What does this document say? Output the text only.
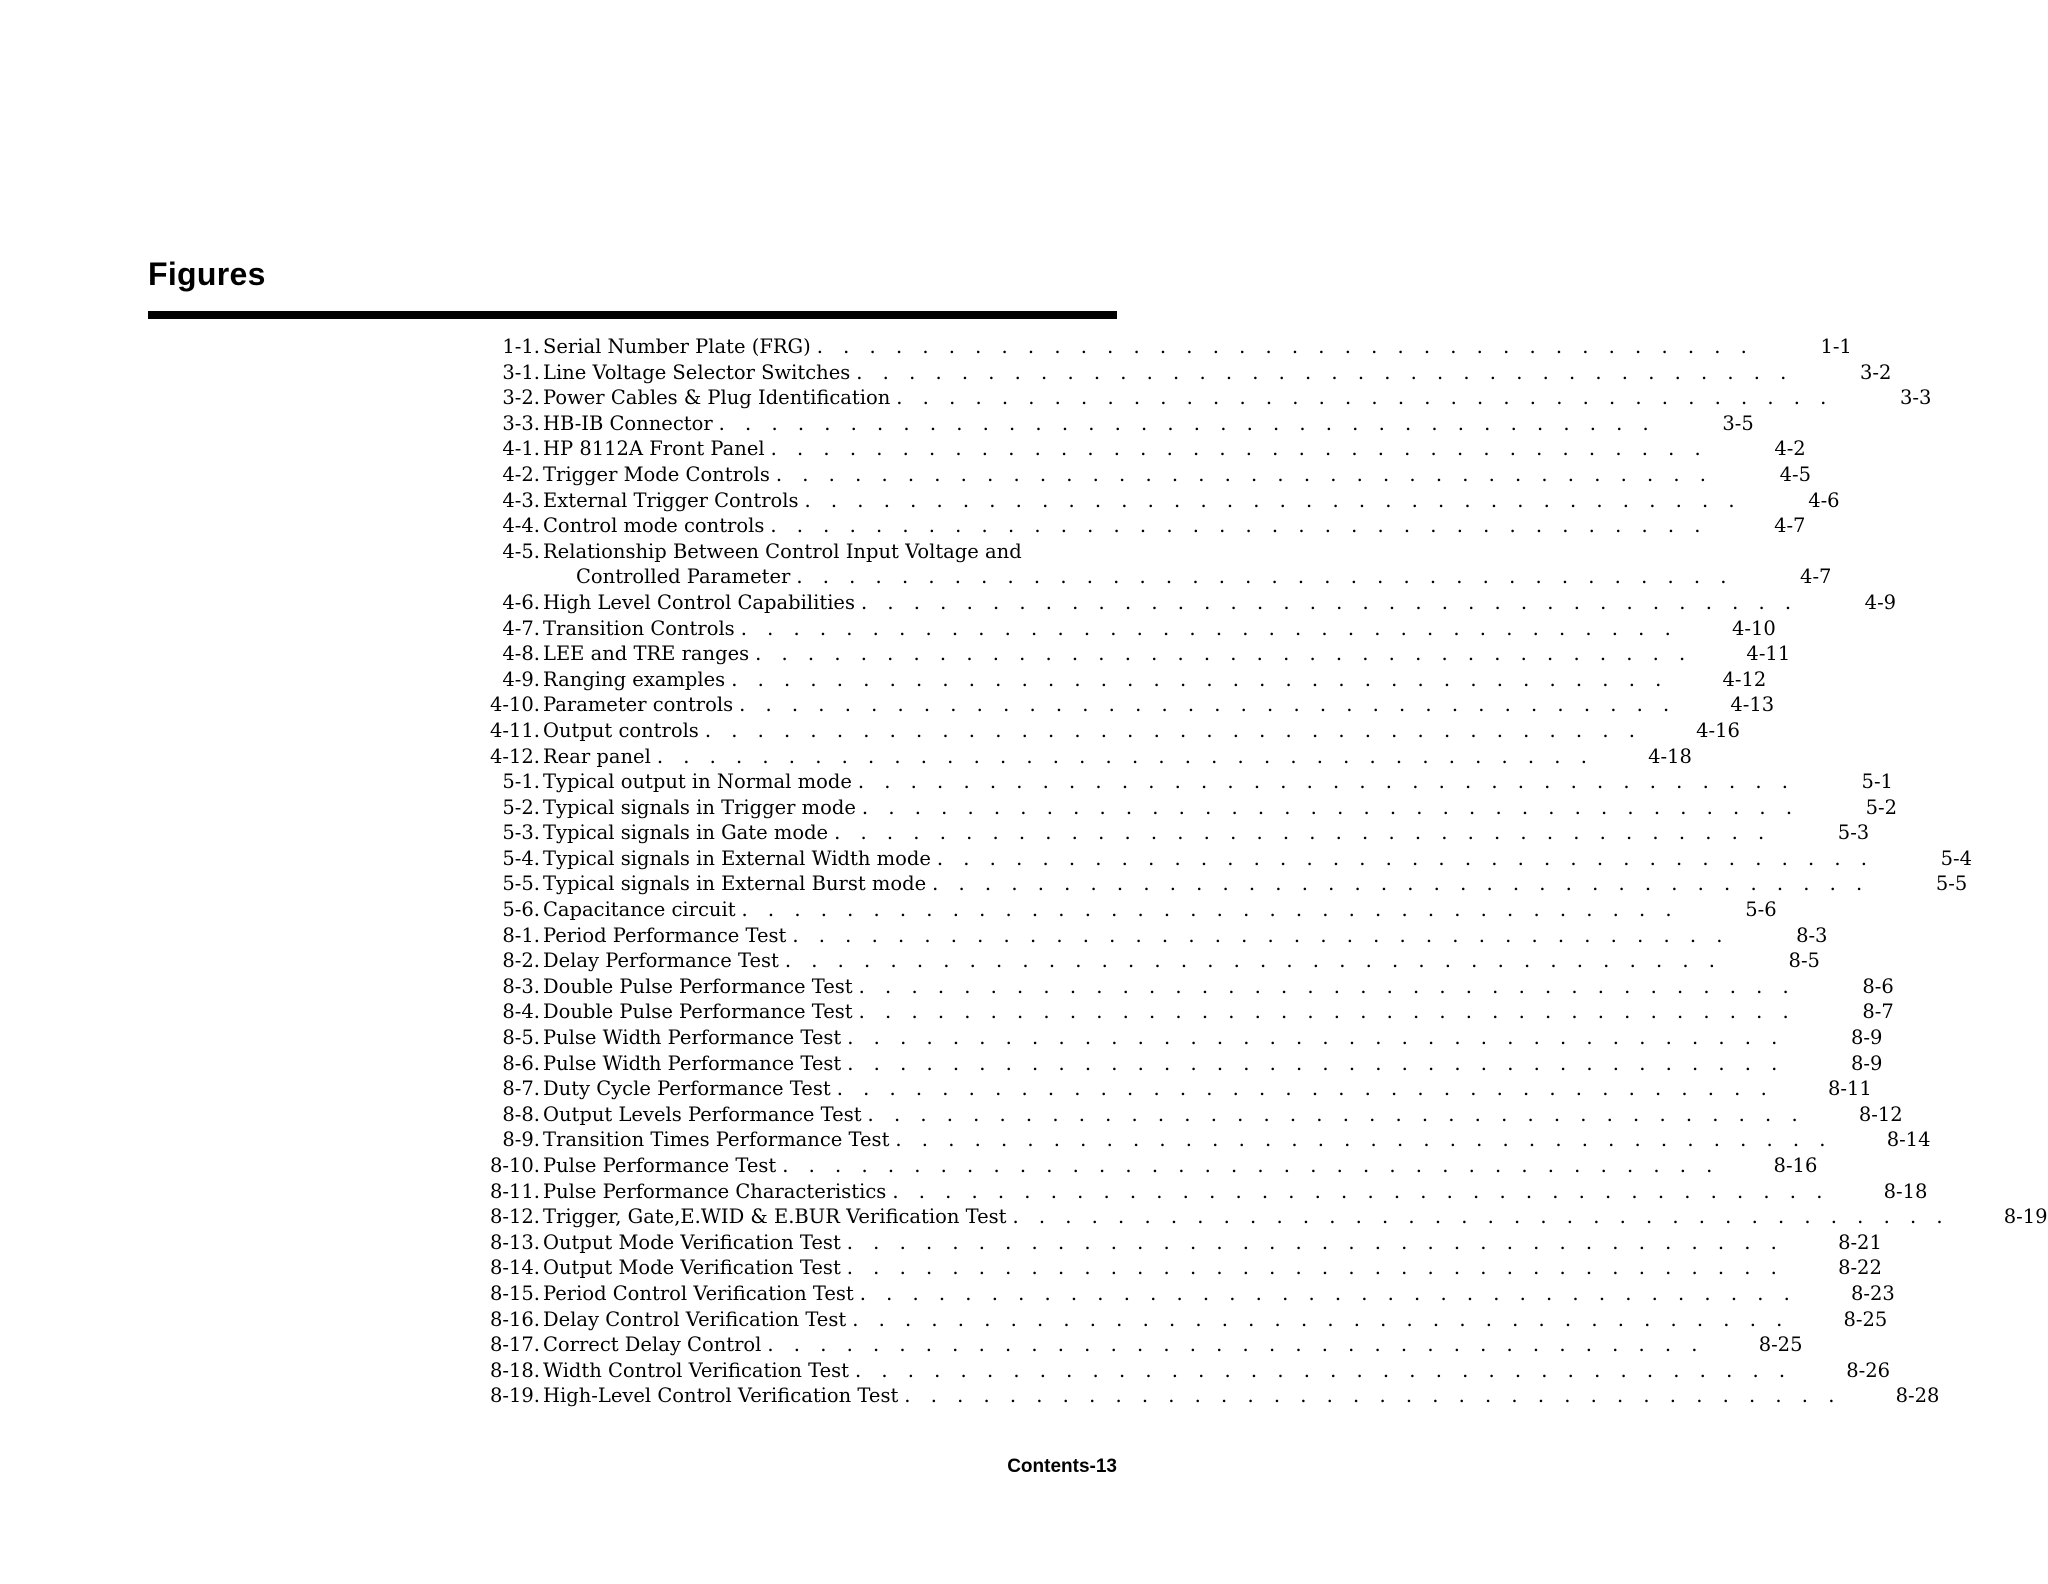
Figures
1-1. Serial Number Plate (FRG) . . . . . . . . . . . . . . . . . . . . . . . . . . . . . . . . . . . .	1-1
3-1. Line Voltage Selector Switches . . . . . . . . . . . . . . . . . . . . . . . . . . . . . . . . . . . .	3-2
3-2. Power Cables & Plug Identification . . . . . . . . . . . . . . . . . . . . . . . . . . . . . . . . . . . .	3-3
3-3. HB-IB Connector . . . . . . . . . . . . . . . . . . . . . . . . . . . . . . . . . . . .	3-5
4-1. HP 8112A Front Panel . . . . . . . . . . . . . . . . . . . . . . . . . . . . . . . . . . . .	4-2
4-2. Trigger Mode Controls . . . . . . . . . . . . . . . . . . . . . . . . . . . . . . . . . . . .	4-5
4-3. External Trigger Controls . . . . . . . . . . . . . . . . . . . . . . . . . . . . . . . . . . . .	4-6
4-4. Control mode controls . . . . . . . . . . . . . . . . . . . . . . . . . . . . . . . . . . . .	4-7
4-5. Relationship Between Control Input Voltage and
Controlled Parameter . . . . . . . . . . . . . . . . . . . . . . . . . . . . . . . . . . . .	4-7
4-6. High Level Control Capabilities . . . . . . . . . . . . . . . . . . . . . . . . . . . . . . . . . . . .	4-9
4-7. Transition Controls . . . . . . . . . . . . . . . . . . . . . . . . . . . . . . . . . . . .	4-10
4-8. LEE and TRE ranges . . . . . . . . . . . . . . . . . . . . . . . . . . . . . . . . . . . .	4-11
4-9. Ranging examples . . . . . . . . . . . . . . . . . . . . . . . . . . . . . . . . . . . .	4-12
4-10. Parameter controls . . . . . . . . . . . . . . . . . . . . . . . . . . . . . . . . . . . .	4-13
4-11. Output controls . . . . . . . . . . . . . . . . . . . . . . . . . . . . . . . . . . . .	4-16
4-12. Rear panel . . . . . . . . . . . . . . . . . . . . . . . . . . . . . . . . . . . .	4-18
5-1. Typical output in Normal mode . . . . . . . . . . . . . . . . . . . . . . . . . . . . . . . . . . . .	5-1
5-2. Typical signals in Trigger mode . . . . . . . . . . . . . . . . . . . . . . . . . . . . . . . . . . . .	5-2
5-3. Typical signals in Gate mode . . . . . . . . . . . . . . . . . . . . . . . . . . . . . . . . . . . .	5-3
5-4. Typical signals in External Width mode . . . . . . . . . . . . . . . . . . . . . . . . . . . . . . . . . . . .	5-4
5-5. Typical signals in External Burst mode . . . . . . . . . . . . . . . . . . . . . . . . . . . . . . . . . . . .	5-5
5-6. Capacitance circuit . . . . . . . . . . . . . . . . . . . . . . . . . . . . . . . . . . . .	5-6
8-1. Period Performance Test . . . . . . . . . . . . . . . . . . . . . . . . . . . . . . . . . . . .	8-3
8-2. Delay Performance Test . . . . . . . . . . . . . . . . . . . . . . . . . . . . . . . . . . . .	8-5
8-3. Double Pulse Performance Test . . . . . . . . . . . . . . . . . . . . . . . . . . . . . . . . . . . .	8-6
8-4. Double Pulse Performance Test . . . . . . . . . . . . . . . . . . . . . . . . . . . . . . . . . . . .	8-7
8-5. Pulse Width Performance Test . . . . . . . . . . . . . . . . . . . . . . . . . . . . . . . . . . . .	8-9
8-6. Pulse Width Performance Test . . . . . . . . . . . . . . . . . . . . . . . . . . . . . . . . . . . .	8-9
8-7. Duty Cycle Performance Test . . . . . . . . . . . . . . . . . . . . . . . . . . . . . . . . . . . .	8-11
8-8. Output Levels Performance Test . . . . . . . . . . . . . . . . . . . . . . . . . . . . . . . . . . . .	8-12
8-9. Transition Times Performance Test . . . . . . . . . . . . . . . . . . . . . . . . . . . . . . . . . . . .	8-14
8-10. Pulse Performance Test . . . . . . . . . . . . . . . . . . . . . . . . . . . . . . . . . . . .	8-16
8-11. Pulse Performance Characteristics . . . . . . . . . . . . . . . . . . . . . . . . . . . . . . . . . . . .	8-18
8-12. Trigger, Gate,E.WID & E.BUR Verification Test . . . . . . . . . . . . . . . . . . . . . . . . . . . . . . . . . . . .	8-19
8-13. Output Mode Verification Test . . . . . . . . . . . . . . . . . . . . . . . . . . . . . . . . . . . .	8-21
8-14. Output Mode Verification Test . . . . . . . . . . . . . . . . . . . . . . . . . . . . . . . . . . . .	8-22
8-15. Period Control Verification Test . . . . . . . . . . . . . . . . . . . . . . . . . . . . . . . . . . . .	8-23
8-16. Delay Control Verification Test . . . . . . . . . . . . . . . . . . . . . . . . . . . . . . . . . . . .	8-25
8-17. Correct Delay Control . . . . . . . . . . . . . . . . . . . . . . . . . . . . . . . . . . . .	8-25
8-18. Width Control Verification Test . . . . . . . . . . . . . . . . . . . . . . . . . . . . . . . . . . . .	8-26
8-19. High-Level Control Verification Test . . . . . . . . . . . . . . . . . . . . . . . . . . . . . . . . . . . .	8-28
Contents-13
